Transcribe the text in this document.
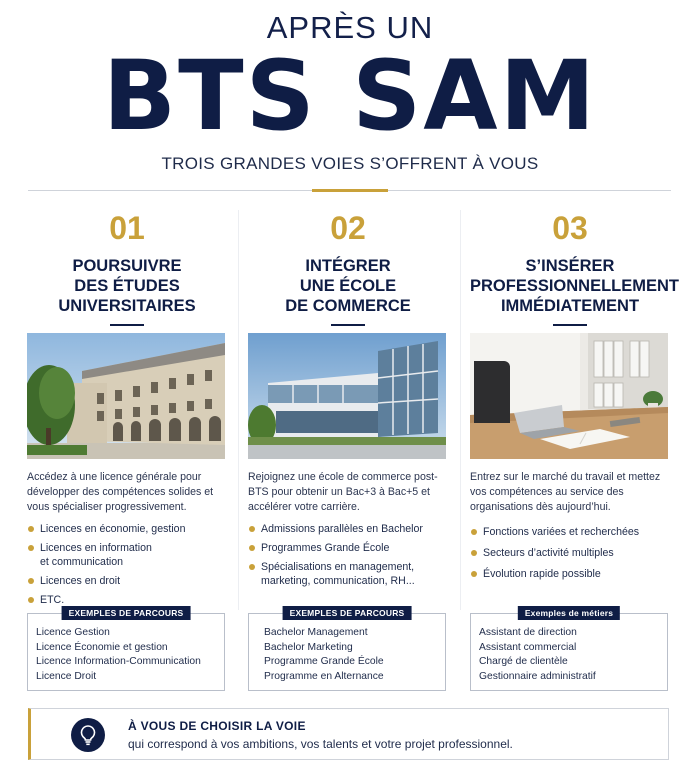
APRÈS UN
BTS SAM
TROIS GRANDES VOIES S’OFFRENT À VOUS
01
POURSUIVRE
DES ÉTUDES
UNIVERSITAIRES
Accédez à une licence générale pour développer des compétences solides et vous spécialiser progressivement.
Licences en économie, gestion
Licences en information
et communication
Licences en droit
ETC.
EXEMPLES DE PARCOURS
Licence Gestion
Licence Économie et gestion
Licence Information-Communication
Licence Droit
02
INTÉGRER
UNE ÉCOLE
DE COMMERCE
Rejoignez une école de commerce post-BTS pour obtenir un Bac+3 à Bac+5 et accélérer votre carrière.
Admissions parallèles en Bachelor
Programmes Grande École
Spécialisations en management,
marketing, communication, RH...
EXEMPLES DE PARCOURS
Bachelor Management
Bachelor Marketing
Programme Grande École
Programme en Alternance
03
S’INSÉRER
PROFESSIONNELLEMENT
IMMÉDIATEMENT
Entrez sur le marché du travail et mettez vos compétences au service des organisations dès aujourd’hui.
Fonctions variées et recherchées
Secteurs d’activité multiples
Évolution rapide possible
Exemples de métiers
Assistant de direction
Assistant commercial
Chargé de clientèle
Gestionnaire administratif
À VOUS DE CHOISIR LA VOIE
qui correspond à vos ambitions, vos talents et votre projet professionnel.
